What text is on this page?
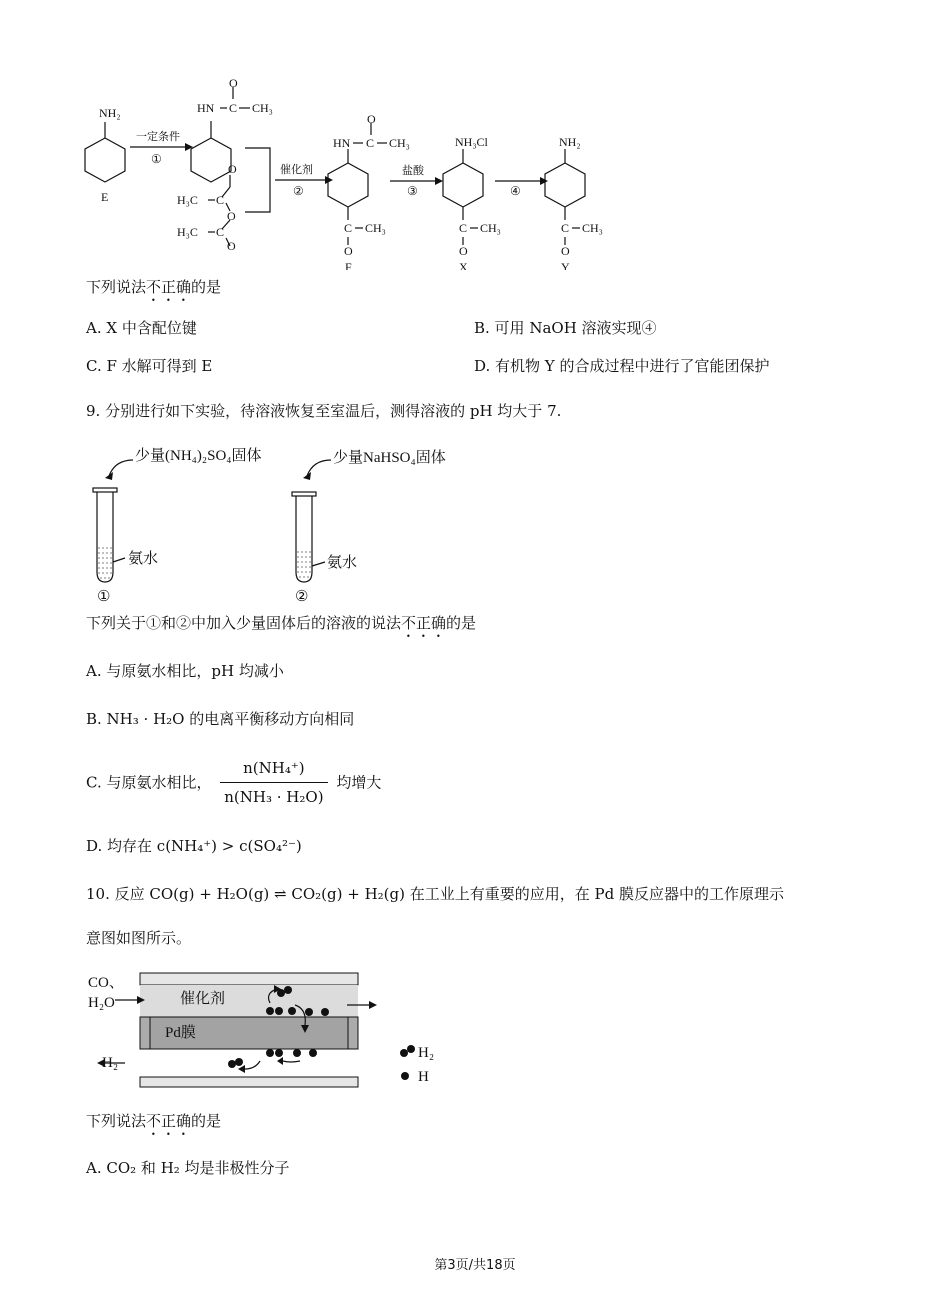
NH₂
E
一定条件
①
HN C
O
CH₃
H₃C C
O
O
H₃C C
O
催化剂
②
HN C
O
CH₃
C CH₃
O
F
盐酸
③
NH₃Cl
C CH₃
O
X
④
NH₂
C CH₃
O
Y
下列说法不正确的是
A. X 中含配位键	B. 可用 NaOH 溶液实现④
C. F 水解可得到 E	D. 有机物 Y 的合成过程中进行了官能团保护
9. 分别进行如下实验，待溶液恢复至室温后，测得溶液的 pH 均大于 7.
少量(NH₄)₂SO₄固体	少量NaHSO₄固体
氨水	氨水
①	②
下列关于①和②中加入少量固体后的溶液的说法不正确的是
A. 与原氨水相比，pH 均减小
B. NH₃ · H₂O 的电离平衡移动方向相同
C. 与原氨水相比， $\frac{\text{n(NH₄⁺)}}{\text{n(NH₃ · H₂O)}}$ 均增大
D. 均存在 c(NH₄⁺) > c(SO₄²⁻)
10. 反应 CO(g) + H₂O(g) ⇌ CO₂(g) + H₂(g) 在工业上有重要的应用，在 Pd 膜反应器中的工作原理示
意图如图所示。
CO、
H₂O	催化剂
Pd膜
H₂
H₂
H
下列说法不正确的是
A. CO₂ 和 H₂ 均是非极性分子
第3页/共18页
